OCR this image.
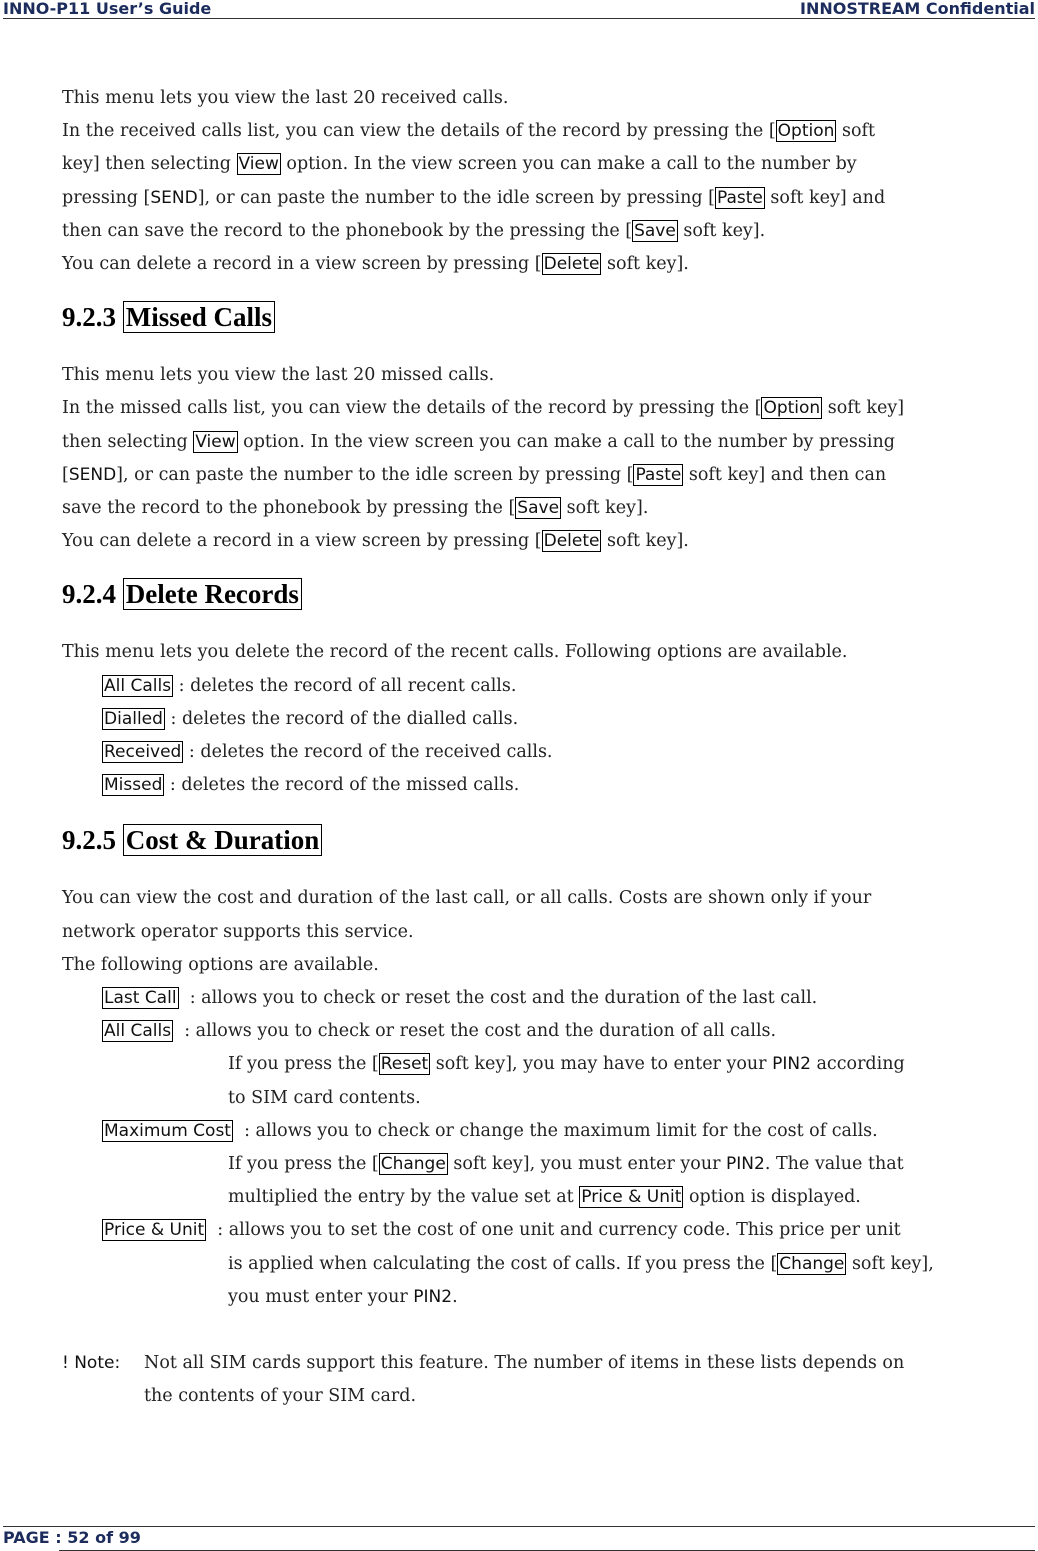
INNO-P11 User’s Guide	INNOSTREAM Confidential
This menu lets you view the last 20 received calls.
In the received calls list, you can view the details of the record by pressing the [ Option soft
key] then selecting View option. In the view screen you can make a call to the number by
pressing [SEND], or can paste the number to the idle screen by pressing [ Paste soft key] and
then can save the record to the phonebook by the pressing the [ Save soft key].
You can delete a record in a view screen by pressing [ Delete soft key].
9.2.3 Missed Calls
This menu lets you view the last 20 missed calls.
In the missed calls list, you can view the details of the record by pressing the [ Option soft key]
then selecting View option. In the view screen you can make a call to the number by pressing
[SEND], or can paste the number to the idle screen by pressing [ Paste soft key] and then can
save the record to the phonebook by pressing the [ Save soft key].
You can delete a record in a view screen by pressing [ Delete soft key].
9.2.4 Delete Records
This menu lets you delete the record of the recent calls. Following options are available.
All Calls : deletes the record of all recent calls.
Dialled : deletes the record of the dialled calls.
Received : deletes the record of the received calls.
Missed : deletes the record of the missed calls.
9.2.5 Cost & Duration
You can view the cost and duration of the last call, or all calls. Costs are shown only if your
network operator supports this service.
The following options are available.
Last Call  : allows you to check or reset the cost and the duration of the last call.
All Calls  : allows you to check or reset the cost and the duration of all calls.
If you press the [ Reset soft key], you may have to enter your PIN2 according
to SIM card contents.
Maximum Cost  : allows you to check or change the maximum limit for the cost of calls.
If you press the [ Change soft key], you must enter your PIN2. The value that
multiplied the entry by the value set at Price & Unit option is displayed.
Price & Unit  : allows you to set the cost of one unit and currency code. This price per unit
is applied when calculating the cost of calls. If you press the [ Change soft key],
you must enter your PIN2.
! Note:	Not all SIM cards support this feature. The number of items in these lists depends on
the contents of your SIM card.
PAGE : 52 of 99
